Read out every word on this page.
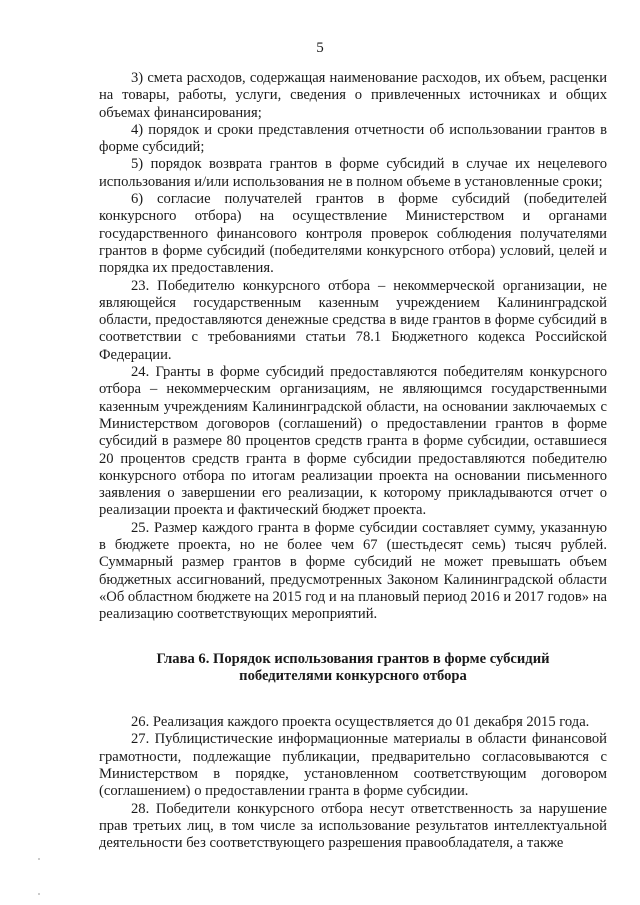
5

3) смета расходов, содержащая наименование расходов, их объем, расценки на товары, работы, услуги, сведения о привлеченных источниках и общих объемах финансирования;

4) порядок и сроки представления отчетности об использовании грантов в форме субсидий;

5) порядок возврата грантов в форме субсидий в случае их нецелевого использования и/или использования не в полном объеме в установленные сроки;

6) согласие получателей грантов в форме субсидий (победителей конкурсного отбора) на осуществление Министерством и органами государственного финансового контроля проверок соблюдения получателями грантов в форме субсидий (победителями конкурсного отбора) условий, целей и порядка их предоставления.

23. Победителю конкурсного отбора – некоммерческой организации, не являющейся государственным казенным учреждением Калининградской области, предоставляются денежные средства в виде грантов в форме субсидий в соответствии с требованиями статьи 78.1 Бюджетного кодекса Российской Федерации.

24. Гранты в форме субсидий предоставляются победителям конкурсного отбора – некоммерческим организациям, не являющимся государственными казенным учреждениям Калининградской области, на основании заключаемых с Министерством договоров (соглашений) о предоставлении грантов в форме субсидий в размере 80 процентов средств гранта в форме субсидии, оставшиеся 20 процентов средств гранта в форме субсидии предоставляются победителю конкурсного отбора по итогам реализации проекта на основании письменного заявления о завершении его реализации, к которому прикладываются отчет о реализации проекта и фактический бюджет проекта.

25. Размер каждого гранта в форме субсидии составляет сумму, указанную в бюджете проекта, но не более чем 67 (шестьдесят семь) тысяч рублей. Суммарный размер грантов в форме субсидий не может превышать объем бюджетных ассигнований, предусмотренных Законом Калининградской области «Об областном бюджете на 2015 год и на плановый период 2016 и 2017 годов» на реализацию соответствующих мероприятий.

Глава 6. Порядок использования грантов в форме субсидий
победителями конкурсного отбора

26. Реализация каждого проекта осуществляется до 01 декабря 2015 года.

27. Публицистические информационные материалы в области финансовой грамотности, подлежащие публикации, предварительно согласовываются с Министерством в порядке, установленном соответствующим договором (соглашением) о предоставлении гранта в форме субсидии.

28. Победители конкурсного отбора несут ответственность за нарушение прав третьих лиц, в том числе за использование результатов интеллектуальной деятельности без соответствующего разрешения правообладателя, а также
